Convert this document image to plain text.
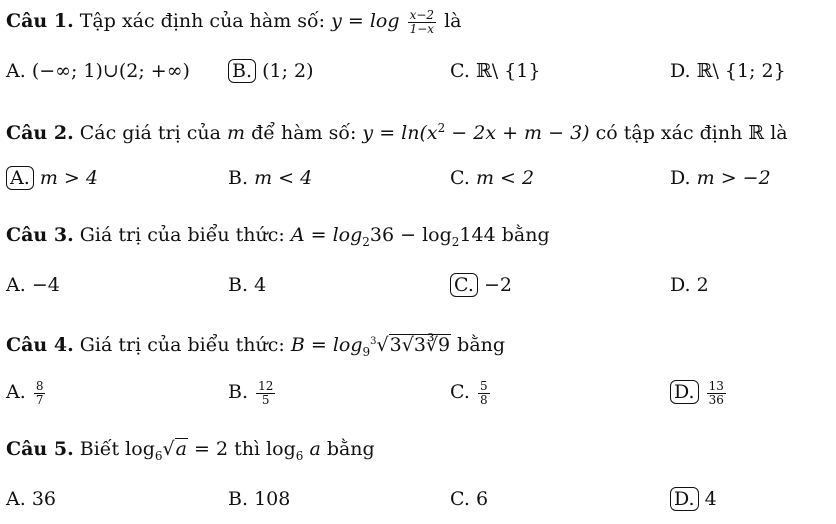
Câu 1. Tập xác định của hàm số: $y = \log \frac{x-2}{1-x}$ là
A. (−∞; 1)∪(2; +∞) B. (1; 2)	C. ℝ\ {1}	D. ℝ\ {1; 2}
Câu 2. Các giá trị của m để hàm số: $y = \ln(x^2 - 2x + m - 3)$ có tập xác định ℝ là
A. m > 4	B. m < 4	C. m < 2	D. m > −2
Câu 3. Giá trị của biểu thức: $A = \log_236 - \log_2144$ bằng
A. −4	B. 4	C. −2	D. 2
Câu 4. Giá trị của biểu thức: $B = \log_9^3√3√3∛9$ bằng
A. $\frac{8}{7}$	B. $\frac{12}{5}$	C. $\frac{5}{8}$	D. $\frac{13}{36}$
Câu 5. Biết $\log_6√a = 2$ thì $\log_6 a$ bằng
A. 36	B. 108	C. 6	D. 4
